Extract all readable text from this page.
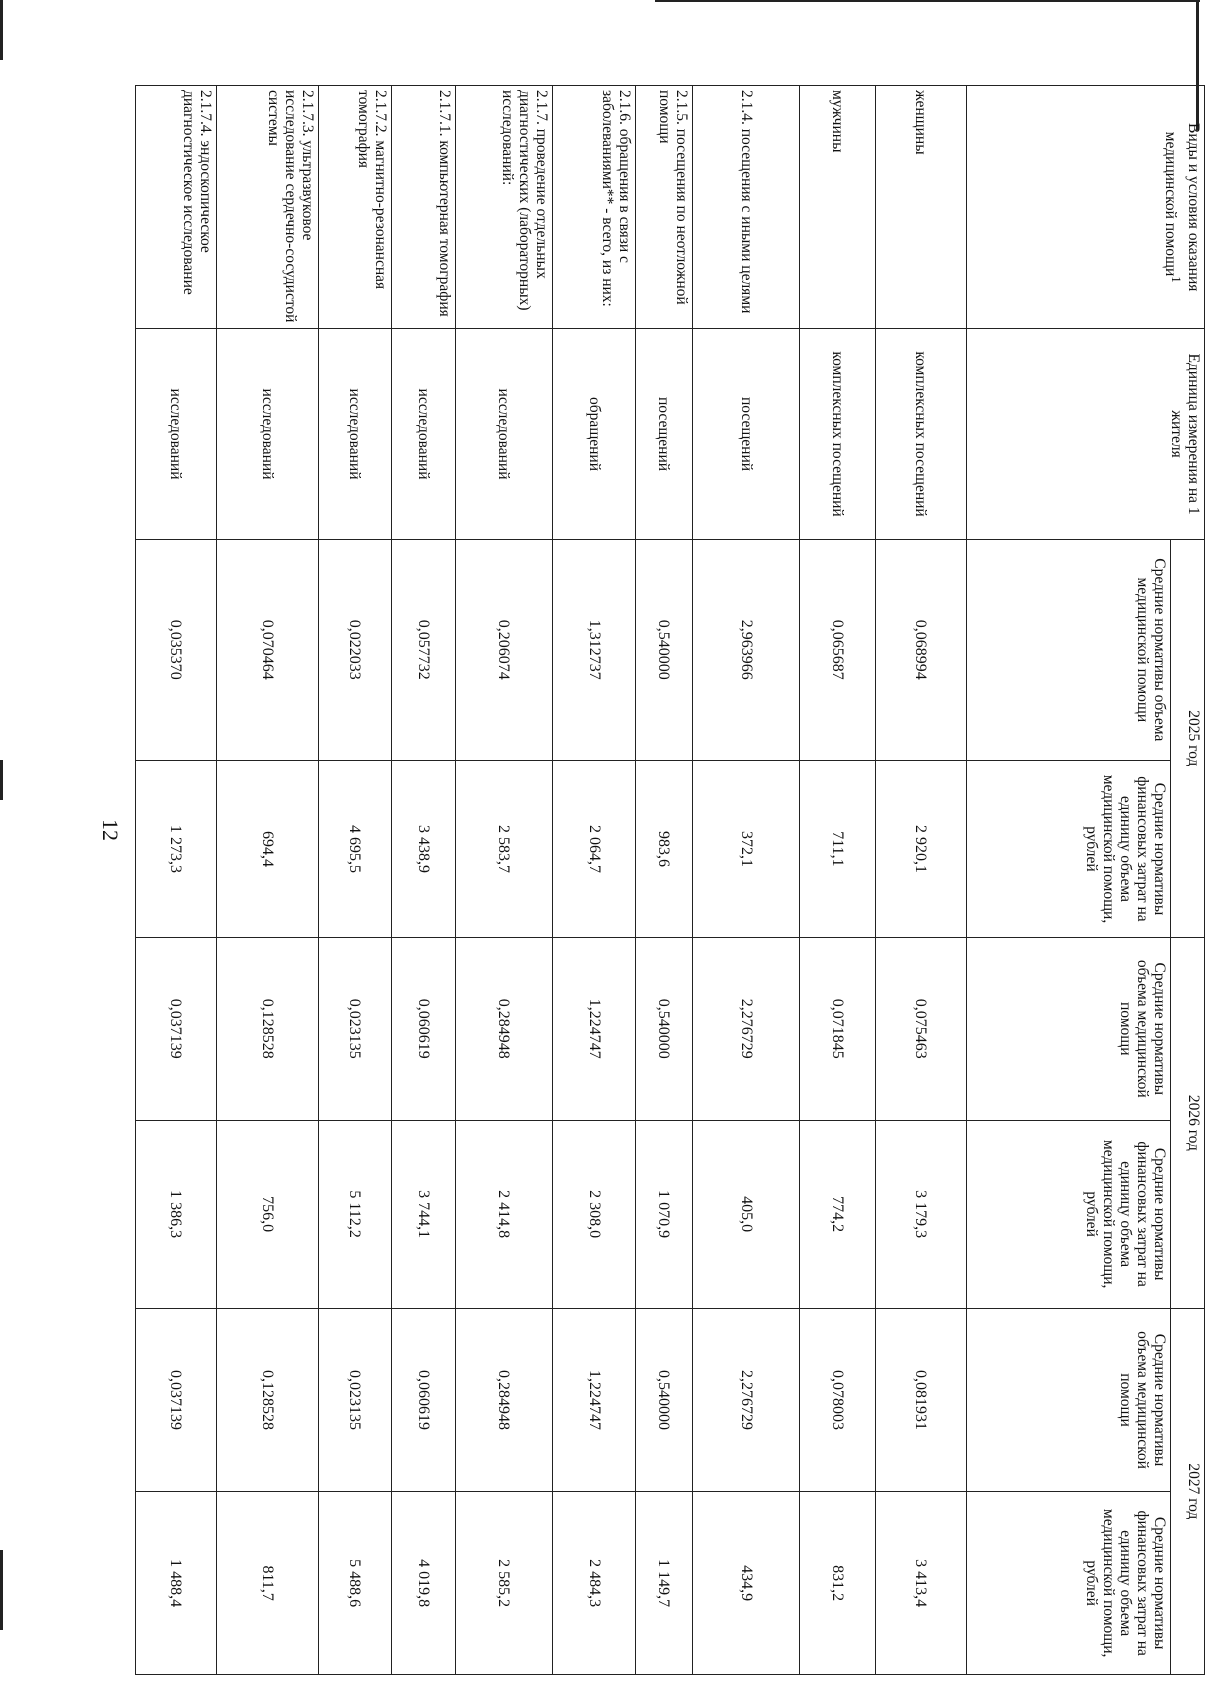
12
Виды и условия оказания медицинской помощи$^1$	Единица измерения на 1 жителя	2025 год		2026 год		2027 год	
		Средние нормативы объема медицинской помощи	Средние нормативы финансовых затрат на единицу объема медицинской помощи, рублей	Средние нормативы объема медицинской помощи	Средние нормативы финансовых затрат на единицу объема медицинской помощи, рублей	Средние нормативы объема медицинской помощи	Средние нормативы финансовых затрат на единицу объема медицинской помощи, рублей
женщины	комплексных посещений	0,068994	2 920,1	0,075463	3 179,3	0,081931	3 413,4
мужчины	комплексных посещений	0,065687	711,1	0,071845	774,2	0,078003	831,2
2.1.4. посещения с иными целями	посещений	2,963966	372,1	2,276729	405,0	2,276729	434,9
2.1.5. посещения по неотложной помощи	посещений	0,540000	983,6	0,540000	1 070,9	0,540000	1 149,7
2.1.6. обращения в связи с заболеваниями** - всего, из них:	обращений	1,312737	2 064,7	1,224747	2 308,0	1,224747	2 484,3
2.1.7. проведение отдельных диагностических (лабораторных) исследований:	исследований	0,206074	2 583,7	0,284948	2 414,8	0,284948	2 585,2
2.1.7.1. компьютерная томография	исследований	0,057732	3 438,9	0,060619	3 744,1	0,060619	4 019,8
2.1.7.2. магнитно-резонансная томография	исследований	0,022033	4 695,5	0,023135	5 112,2	0,023135	5 488,6
2.1.7.3. ультразвуковое исследование сердечно-сосудистой системы	исследований	0,070464	694,4	0,128528	756,0	0,128528	811,7
2.1.7.4. эндоскопическое диагностическое исследование	исследований	0,035370	1 273,3	0,037139	1 386,3	0,037139	1 488,4
